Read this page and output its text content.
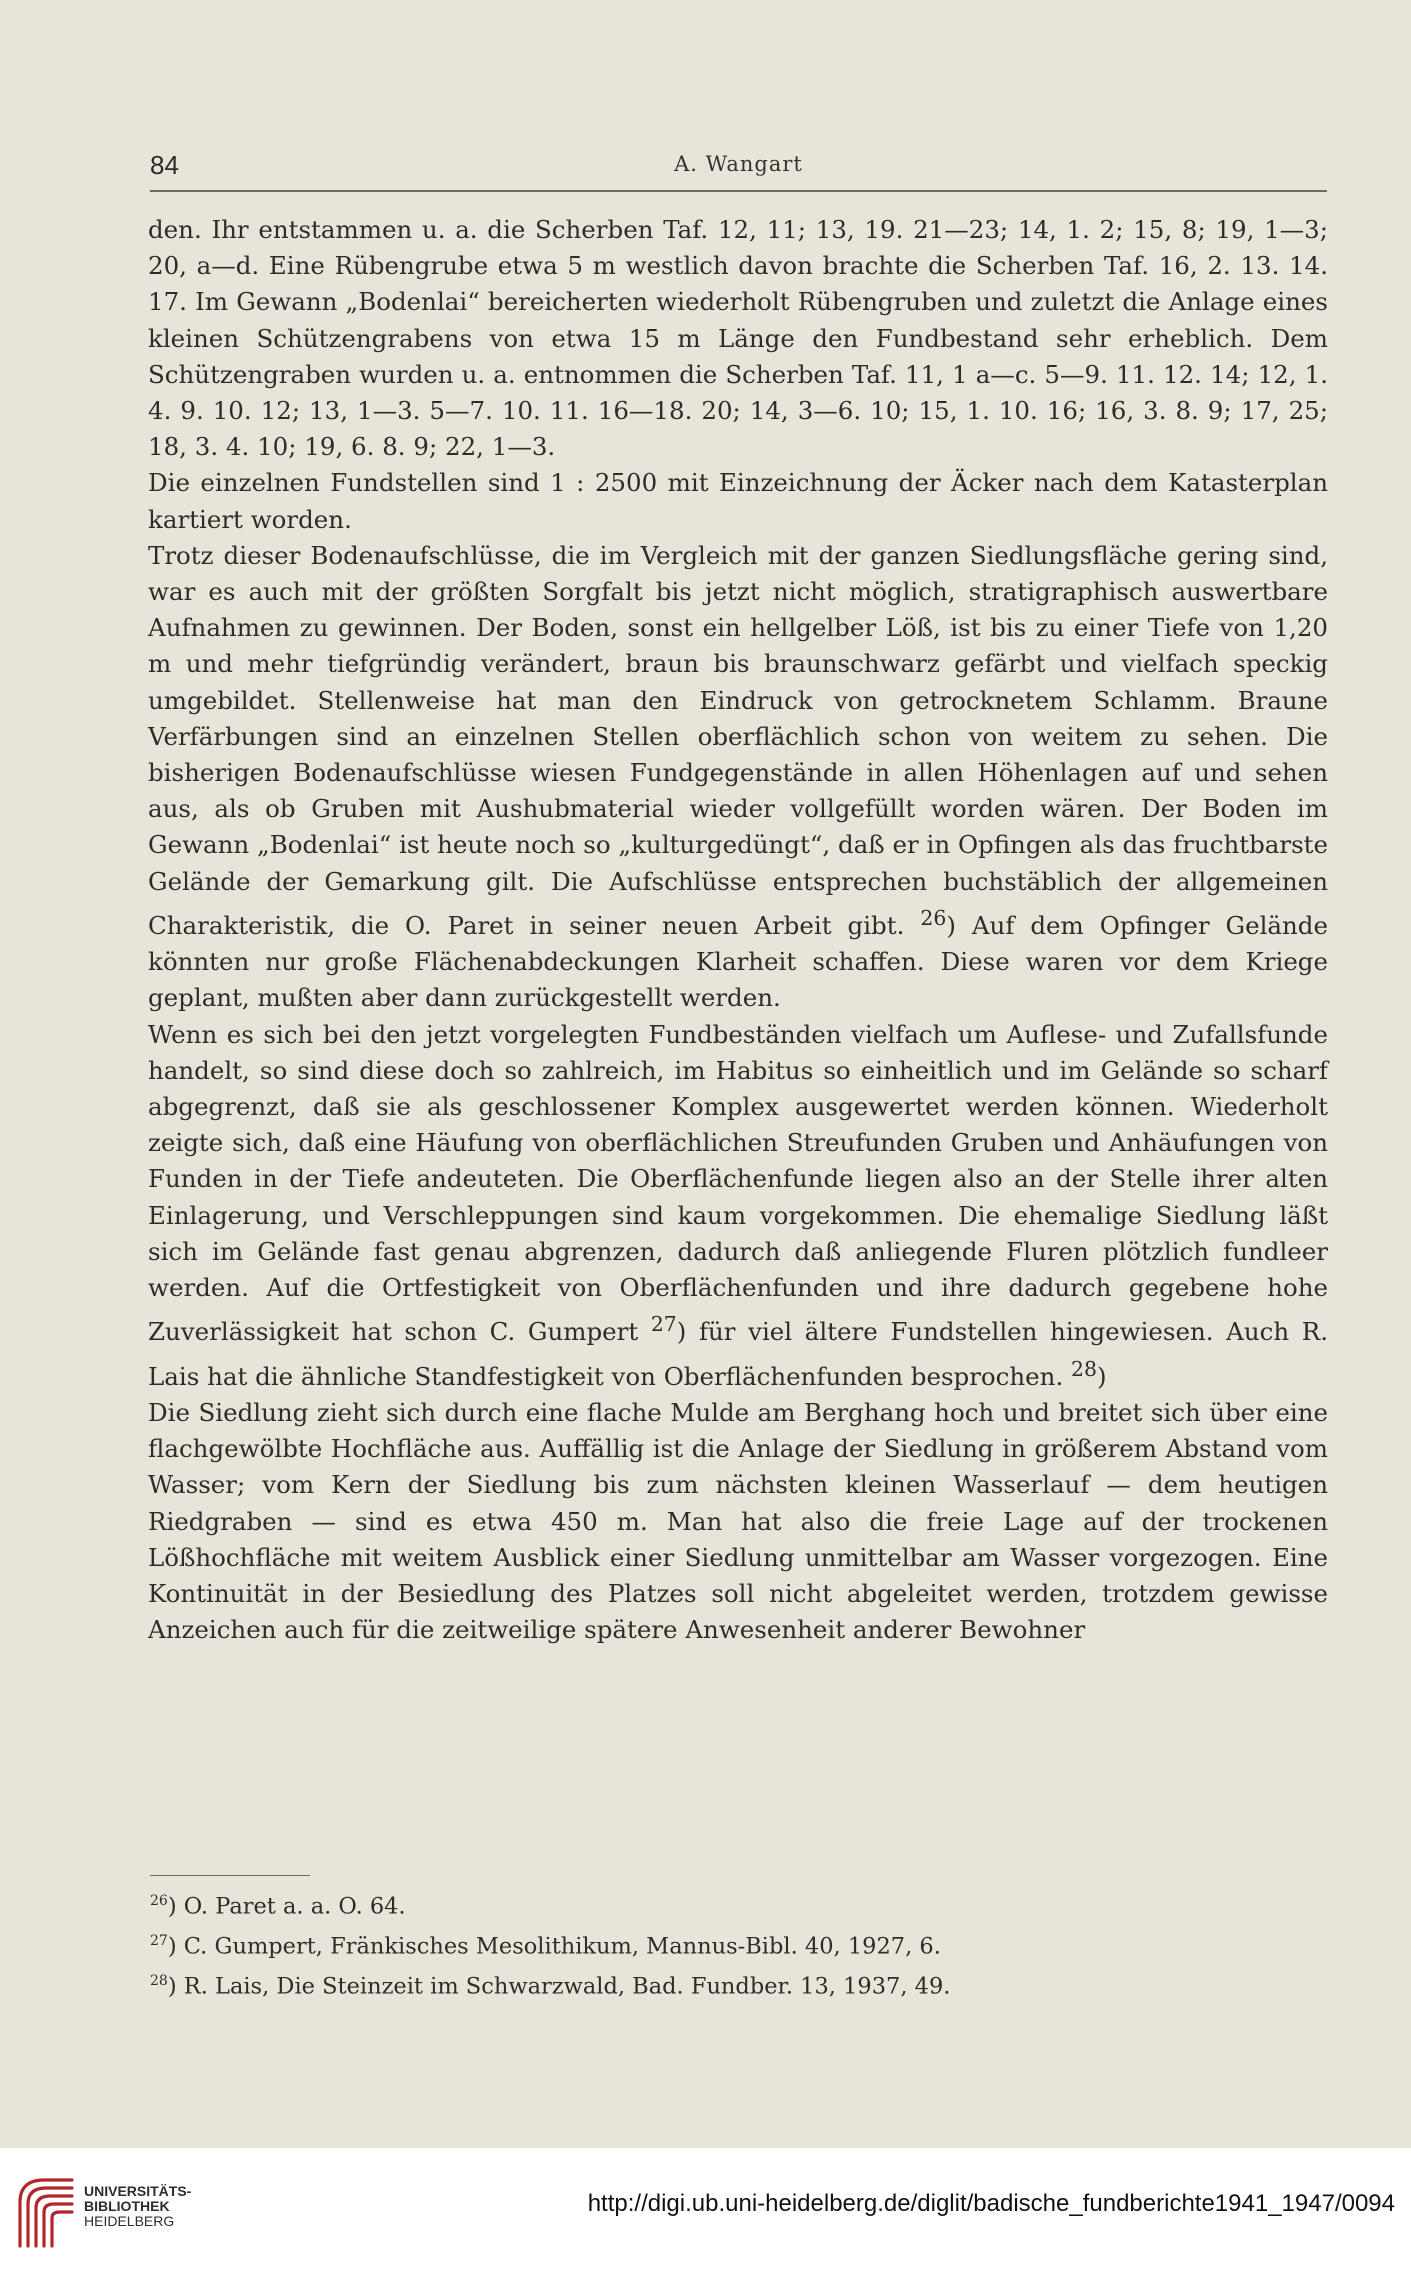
84	A. Wangart

den. Ihr entstammen u. a. die Scherben Taf. 12, 11; 13, 19. 21—23; 14, 1. 2; 15, 8; 19, 1—3; 20, a—d. Eine Rübengrube etwa 5 m westlich davon brachte die Scherben Taf. 16, 2. 13. 14. 17. Im Gewann „Bodenlai“ bereicherten wiederholt Rübengruben und zuletzt die Anlage eines kleinen Schützengrabens von etwa 15 m Länge den Fundbestand sehr erheblich. Dem Schützengraben wurden u. a. entnommen die Scherben Taf. 11, 1 a—c. 5—9. 11. 12. 14; 12, 1. 4. 9. 10. 12; 13, 1—3. 5—7. 10. 11. 16—18. 20; 14, 3—6. 10; 15, 1. 10. 16; 16, 3. 8. 9; 17, 25; 18, 3. 4. 10; 19, 6. 8. 9; 22, 1—3.

Die einzelnen Fundstellen sind 1 : 2500 mit Einzeichnung der Äcker nach dem Katasterplan kartiert worden.

Trotz dieser Bodenaufschlüsse, die im Vergleich mit der ganzen Siedlungsfläche gering sind, war es auch mit der größten Sorgfalt bis jetzt nicht möglich, stratigraphisch auswertbare Aufnahmen zu gewinnen. Der Boden, sonst ein hellgelber Löß, ist bis zu einer Tiefe von 1,20 m und mehr tiefgründig verändert, braun bis braunschwarz gefärbt und vielfach speckig umgebildet. Stellenweise hat man den Eindruck von getrocknetem Schlamm. Braune Verfärbungen sind an einzelnen Stellen oberflächlich schon von weitem zu sehen. Die bisherigen Bodenaufschlüsse wiesen Fundgegenstände in allen Höhenlagen auf und sehen aus, als ob Gruben mit Aushubmaterial wieder vollgefüllt worden wären. Der Boden im Gewann „Bodenlai“ ist heute noch so „kulturgedüngt“, daß er in Opfingen als das fruchtbarste Gelände der Gemarkung gilt. Die Aufschlüsse entsprechen buchstäblich der allgemeinen Charakteristik, die O. Paret in seiner neuen Arbeit gibt. $^{26}$) Auf dem Opfinger Gelände könnten nur große Flächenabdeckungen Klarheit schaffen. Diese waren vor dem Kriege geplant, mußten aber dann zurückgestellt werden.

Wenn es sich bei den jetzt vorgelegten Fundbeständen vielfach um Auflese- und Zufallsfunde handelt, so sind diese doch so zahlreich, im Habitus so einheitlich und im Gelände so scharf abgegrenzt, daß sie als geschlossener Komplex ausgewertet werden können. Wiederholt zeigte sich, daß eine Häufung von oberflächlichen Streufunden Gruben und Anhäufungen von Funden in der Tiefe andeuteten. Die Oberflächenfunde liegen also an der Stelle ihrer alten Einlagerung, und Verschleppungen sind kaum vorgekommen. Die ehemalige Siedlung läßt sich im Gelände fast genau abgrenzen, dadurch daß anliegende Fluren plötzlich fundleer werden. Auf die Ortfestigkeit von Oberflächenfunden und ihre dadurch gegebene hohe Zuverlässigkeit hat schon C. Gumpert $^{27}$) für viel ältere Fundstellen hingewiesen. Auch R. Lais hat die ähnliche Standfestigkeit von Oberflächenfunden besprochen. $^{28}$)

Die Siedlung zieht sich durch eine flache Mulde am Berghang hoch und breitet sich über eine flachgewölbte Hochfläche aus. Auffällig ist die Anlage der Siedlung in größerem Abstand vom Wasser; vom Kern der Siedlung bis zum nächsten kleinen Wasserlauf — dem heutigen Riedgraben — sind es etwa 450 m. Man hat also die freie Lage auf der trockenen Lößhochfläche mit weitem Ausblick einer Siedlung unmittelbar am Wasser vorgezogen. Eine Kontinuität in der Besiedlung des Platzes soll nicht abgeleitet werden, trotzdem gewisse Anzeichen auch für die zeitweilige spätere Anwesenheit anderer Bewohner

$^{26}$) O. Paret a. a. O. 64.

$^{27}$) C. Gumpert, Fränkisches Mesolithikum, Mannus-Bibl. 40, 1927, 6.

$^{28}$) R. Lais, Die Steinzeit im Schwarzwald, Bad. Fundber. 13, 1937, 49.

UNIVERSITÄTS-
BIBLIOTHEK
HEIDELBERG
http://digi.ub.uni-heidelberg.de/diglit/badische_fundberichte1941_1947/0094
